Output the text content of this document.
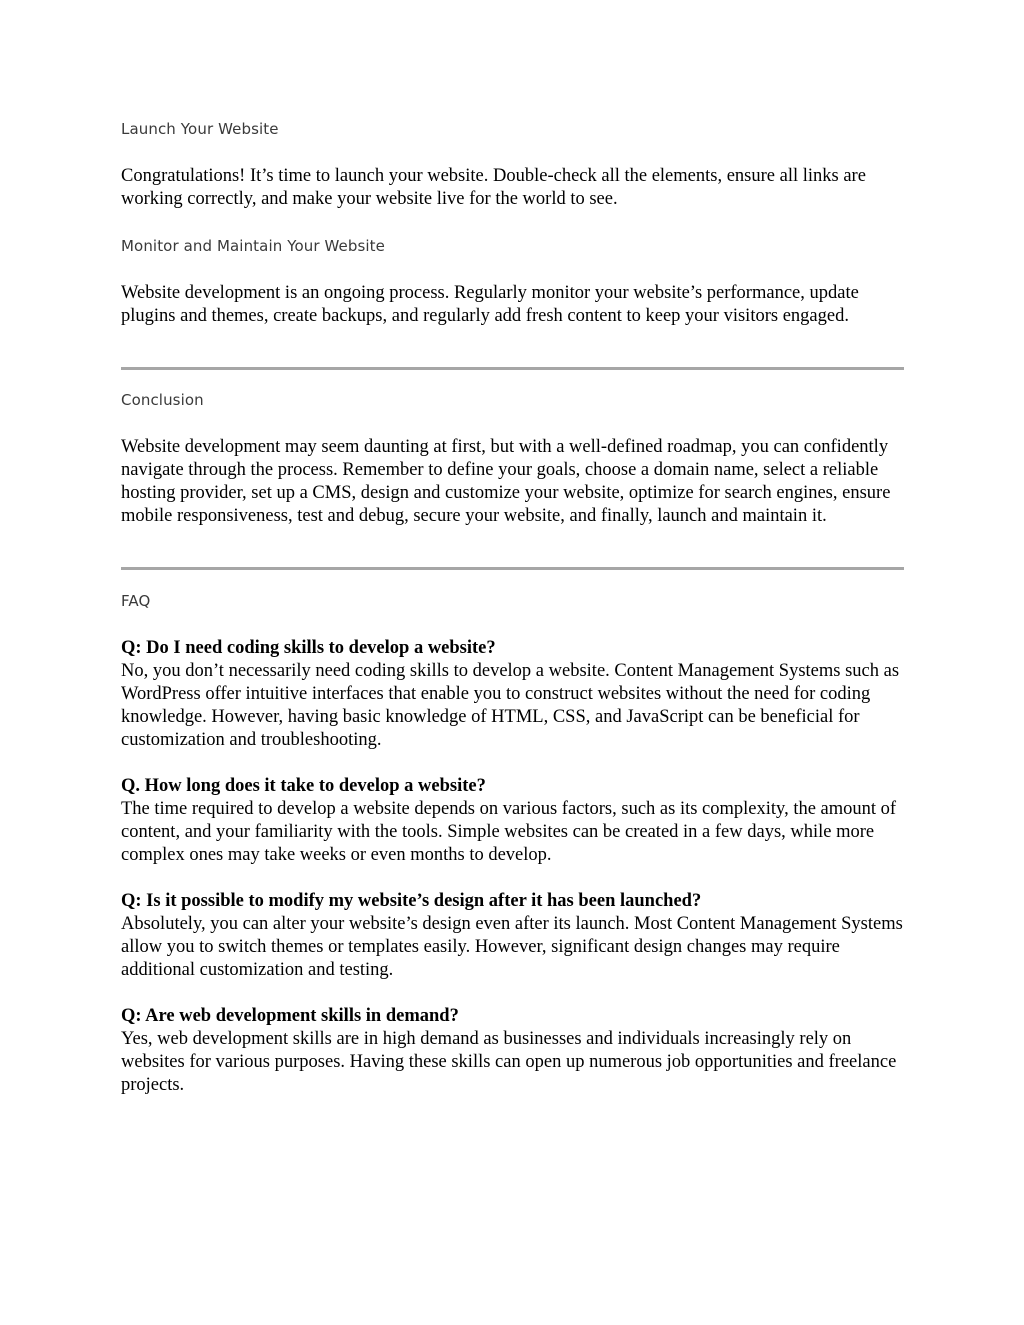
Launch Your Website

Congratulations! It’s time to launch your website. Double-check all the elements, ensure all links are working correctly, and make your website live for the world to see.

Monitor and Maintain Your Website

Website development is an ongoing process. Regularly monitor your website’s performance, update plugins and themes, create backups, and regularly add fresh content to keep your visitors engaged.

Conclusion

Website development may seem daunting at first, but with a well-defined roadmap, you can confidently navigate through the process. Remember to define your goals, choose a domain name, select a reliable hosting provider, set up a CMS, design and customize your website, optimize for search engines, ensure mobile responsiveness, test and debug, secure your website, and finally, launch and maintain it.

FAQ

Q: Do I need coding skills to develop a website?

No, you don’t necessarily need coding skills to develop a website. Content Management Systems such as WordPress offer intuitive interfaces that enable you to construct websites without the need for coding knowledge. However, having basic knowledge of HTML, CSS, and JavaScript can be beneficial for customization and troubleshooting.

Q. How long does it take to develop a website?

The time required to develop a website depends on various factors, such as its complexity, the amount of content, and your familiarity with the tools. Simple websites can be created in a few days, while more complex ones may take weeks or even months to develop.

Q: Is it possible to modify my website’s design after it has been launched?

Absolutely, you can alter your website’s design even after its launch. Most Content Management Systems allow you to switch themes or templates easily. However, significant design changes may require additional customization and testing.

Q: Are web development skills in demand?

Yes, web development skills are in high demand as businesses and individuals increasingly rely on websites for various purposes. Having these skills can open up numerous job opportunities and freelance projects.
